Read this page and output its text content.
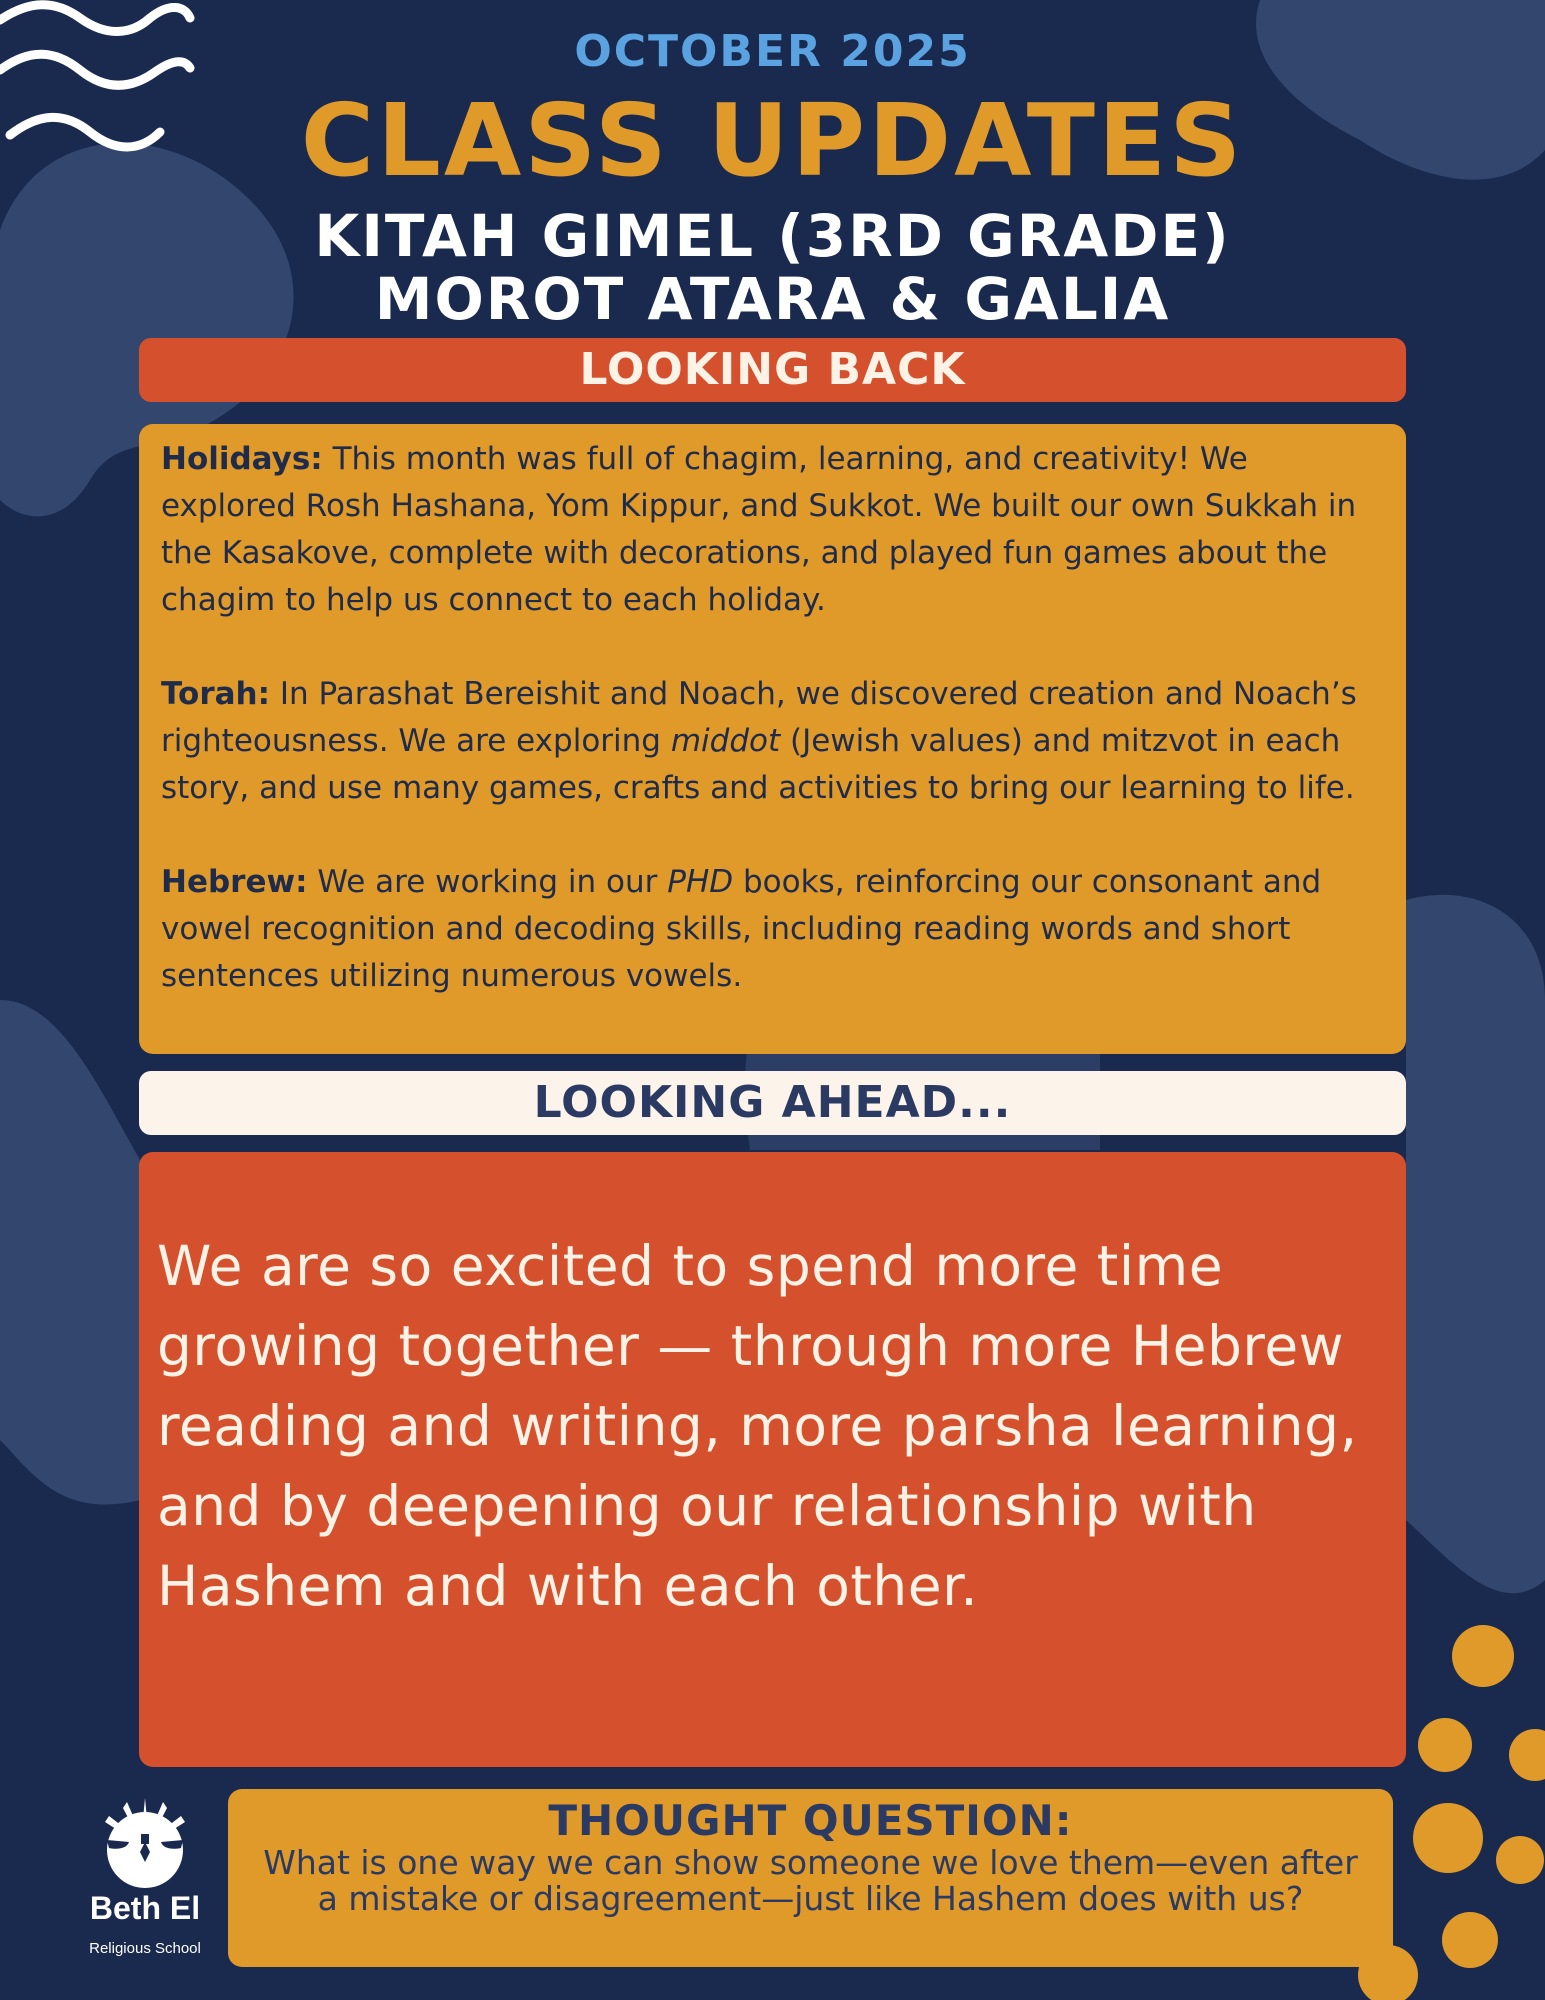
OCTOBER 2025
CLASS UPDATES
KITAH GIMEL (3RD GRADE)
MOROT ATARA & GALIA
LOOKING BACK

Holidays: This month was full of chagim, learning, and creativity! We explored Rosh Hashana, Yom Kippur, and Sukkot. We built our own Sukkah in the Kasakove, complete with decorations, and played fun games about the chagim to help us connect to each holiday.

Torah: In Parashat Bereishit and Noach, we discovered creation and Noach’s righteousness. We are exploring middot (Jewish values) and mitzvot in each story, and use many games, crafts and activities to bring our learning to life.

Hebrew: We are working in our PHD books, reinforcing our consonant and vowel recognition and decoding skills, including reading words and short sentences utilizing numerous vowels.

LOOKING AHEAD...
We are so excited to spend more time growing together — through more Hebrew reading and writing, more parsha learning, and by deepening our relationship with Hashem and with each other.
Beth El
Religious School
THOUGHT QUESTION:
What is one way we can show someone we love them—even after a mistake or disagreement—just like Hashem does with us?
